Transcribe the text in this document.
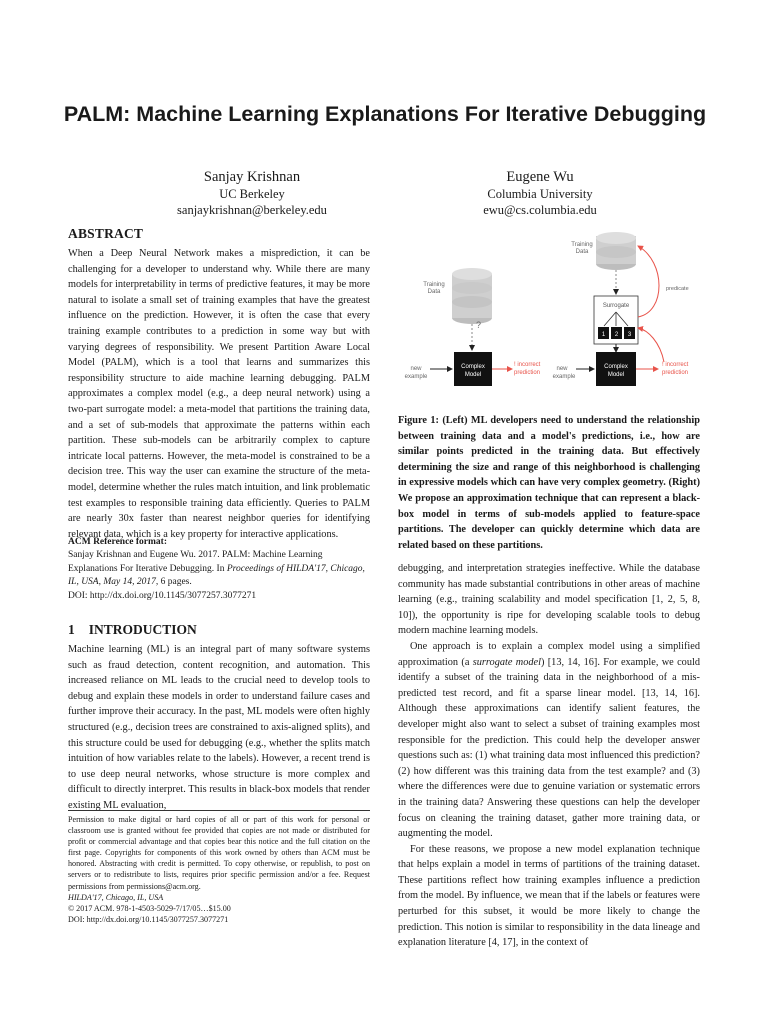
PALM: Machine Learning Explanations For Iterative Debugging
Sanjay Krishnan
UC Berkeley
sanjaykrishnan@berkeley.edu
Eugene Wu
Columbia University
ewu@cs.columbia.edu
ABSTRACT

When a Deep Neural Network makes a misprediction, it can be challenging for a developer to understand why. While there are many models for interpretability in terms of predictive features, it may be more natural to isolate a small set of training examples that have the greatest influence on the prediction. However, it is often the case that every training example contributes to a prediction in some way but with varying degrees of responsibility. We present Partition Aware Local Model (PALM), which is a tool that learns and summarizes this responsibility structure to aide machine learning debugging. PALM approximates a complex model (e.g., a deep neural network) using a two-part surrogate model: a meta-model that partitions the training data, and a set of sub-models that approximate the patterns within each partition. These sub-models can be arbitrarily complex to capture intricate local patterns. However, the meta-model is constrained to be a decision tree. This way the user can examine the structure of the meta-model, determine whether the rules match intuition, and link problematic test examples to responsible training data efficiently. Queries to PALM are nearly 30x faster than nearest neighbor queries for identifying relevant data, which is a key property for interactive applications.

ACM Reference format:

Sanjay Krishnan and Eugene Wu. 2017. PALM: Machine Learning Explanations For Iterative Debugging. In Proceedings of HILDA'17, Chicago, IL, USA, May 14, 2017, 6 pages.

DOI: http://dx.doi.org/10.1145/3077257.3077271

1 INTRODUCTION

Machine learning (ML) is an integral part of many software systems such as fraud detection, content recognition, and automation. This increased reliance on ML leads to the crucial need to develop tools to debug and explain these models in order to understand failure cases and further improve their accuracy. In the past, ML models were often highly structured (e.g., decision trees are constrained to axis-aligned splits), and this structure could be used for debugging (e.g., whether the splits match intuition of how variables relate to the labels). However, a recent trend is to use deep neural networks, whose structure is more complex and difficult to directly interpret. This results in black-box models that render existing ML evaluation,

Permission to make digital or hard copies of all or part of this work for personal or classroom use is granted without fee provided that copies are not made or distributed for profit or commercial advantage and that copies bear this notice and the full citation on the first page. Copyrights for components of this work owned by others than ACM must be honored. Abstracting with credit is permitted. To copy otherwise, or republish, to post on servers or to redistribute to lists, requires prior specific permission and/or a fee. Request permissions from permissions@acm.org.
HILDA'17, Chicago, IL, USA
© 2017 ACM. 978-1-4503-5029-7/17/05…$15.00
DOI: http://dx.doi.org/10.1145/3077257.3077271
Training Data
?
Complex Model
new example
! incorrect prediction
Training Data
Surrogate
1 2 3
predicate
Complex Model
new example
! incorrect prediction

Figure 1: (Left) ML developers need to understand the relationship between training data and a model's predictions, i.e., how are similar points predicted in the training data. But effectively determining the size and range of this neighborhood is challenging in expressive models which can have very complex geometry. (Right) We propose an approximation technique that can represent a black-box model in terms of sub-models applied to feature-space partitions. The developer can quickly determine which data are related based on these partitions.

debugging, and interpretation strategies ineffective. While the database community has made substantial contributions in other areas of machine learning (e.g., training scalability and model specification [1, 2, 5, 8, 10]), the opportunity is ripe for developing scalable tools to debug modern machine learning models.

One approach is to explain a complex model using a simplified approximation (a surrogate model) [13, 14, 16]. For example, we could identify a subset of the training data in the neighborhood of a mis-predicted test record, and fit a sparse linear model. [13, 14, 16]. Although these approximations can identify salient features, the developer might also want to select a subset of training examples most responsible for the prediction. This could help the developer answer questions such as: (1) what training data most influenced this prediction? (2) how different was this training data from the test example? and (3) where the differences were due to genuine variation or systematic errors in the training data? Answering these questions can help the developer focus on cleaning the training dataset, gather more training data, or augmenting the model.

For these reasons, we propose a new model explanation technique that helps explain a model in terms of partitions of the training dataset. These partitions reflect how training examples influence a prediction from the model. By influence, we mean that if the labels or features were perturbed for this subset, it would be more likely to change the prediction. This notion is similar to responsibility in the data lineage and explanation literature [4, 17], in the context of
